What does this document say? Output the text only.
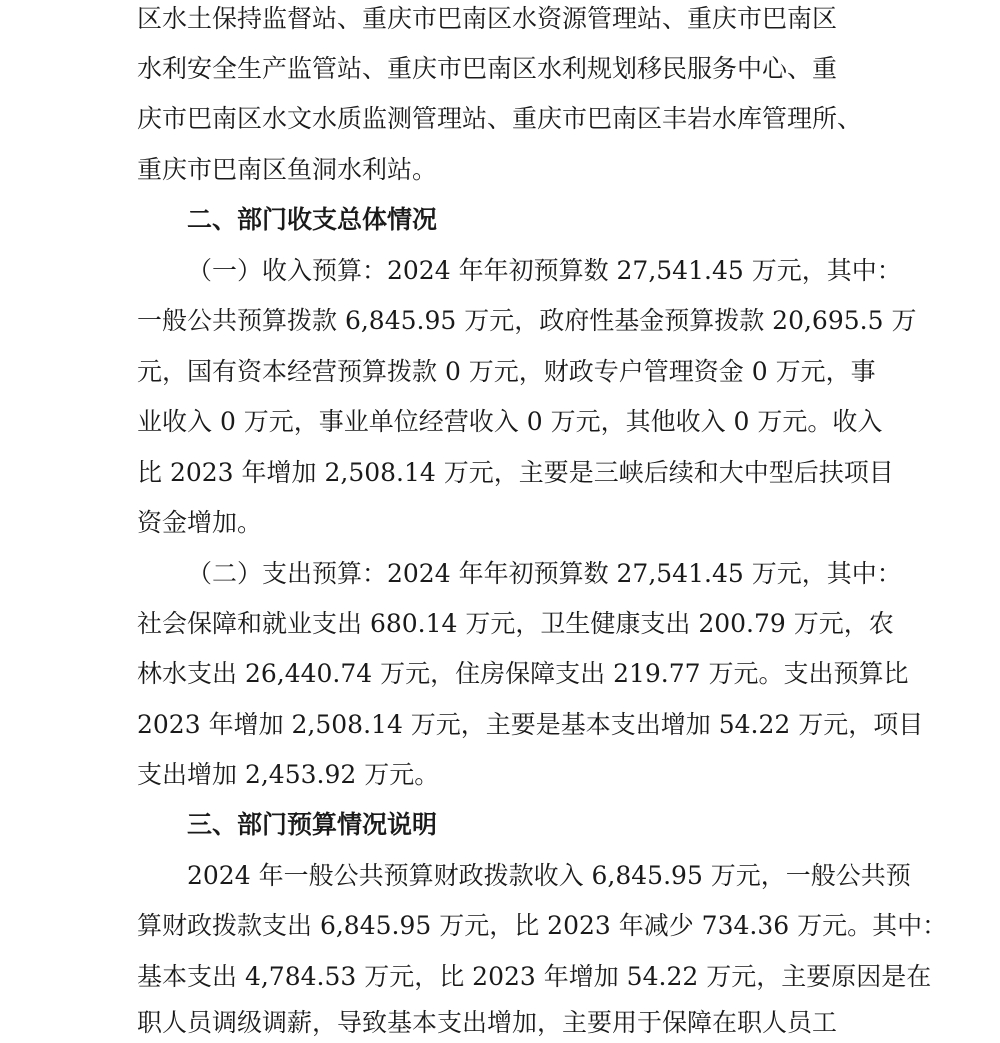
区水土保持监督站、重庆市巴南区水资源管理站、重庆市巴南区
水利安全生产监管站、重庆市巴南区水利规划移民服务中心、重
庆市巴南区水文水质监测管理站、重庆市巴南区丰岩水库管理所、
重庆市巴南区鱼洞水利站。
二、部门收支总体情况
（一）收入预算：2024 年年初预算数 27,541.45 万元，其中：
一般公共预算拨款 6,845.95 万元，政府性基金预算拨款 20,695.5 万
元，国有资本经营预算拨款 0 万元，财政专户管理资金 0 万元，事
业收入 0 万元，事业单位经营收入 0 万元，其他收入 0 万元。收入
比 2023 年增加 2,508.14 万元，主要是三峡后续和大中型后扶项目
资金增加。
（二）支出预算：2024 年年初预算数 27,541.45 万元，其中：
社会保障和就业支出 680.14 万元，卫生健康支出 200.79 万元，农
林水支出 26,440.74 万元，住房保障支出 219.77 万元。支出预算比
2023 年增加 2,508.14 万元，主要是基本支出增加 54.22 万元，项目
支出增加 2,453.92 万元。
三、部门预算情况说明
2024 年一般公共预算财政拨款收入 6,845.95 万元，一般公共预
算财政拨款支出 6,845.95 万元，比 2023 年减少 734.36 万元。其中：
基本支出 4,784.53 万元，比 2023 年增加 54.22 万元，主要原因是在
职人员调级调薪，导致基本支出增加，主要用于保障在职人员工
